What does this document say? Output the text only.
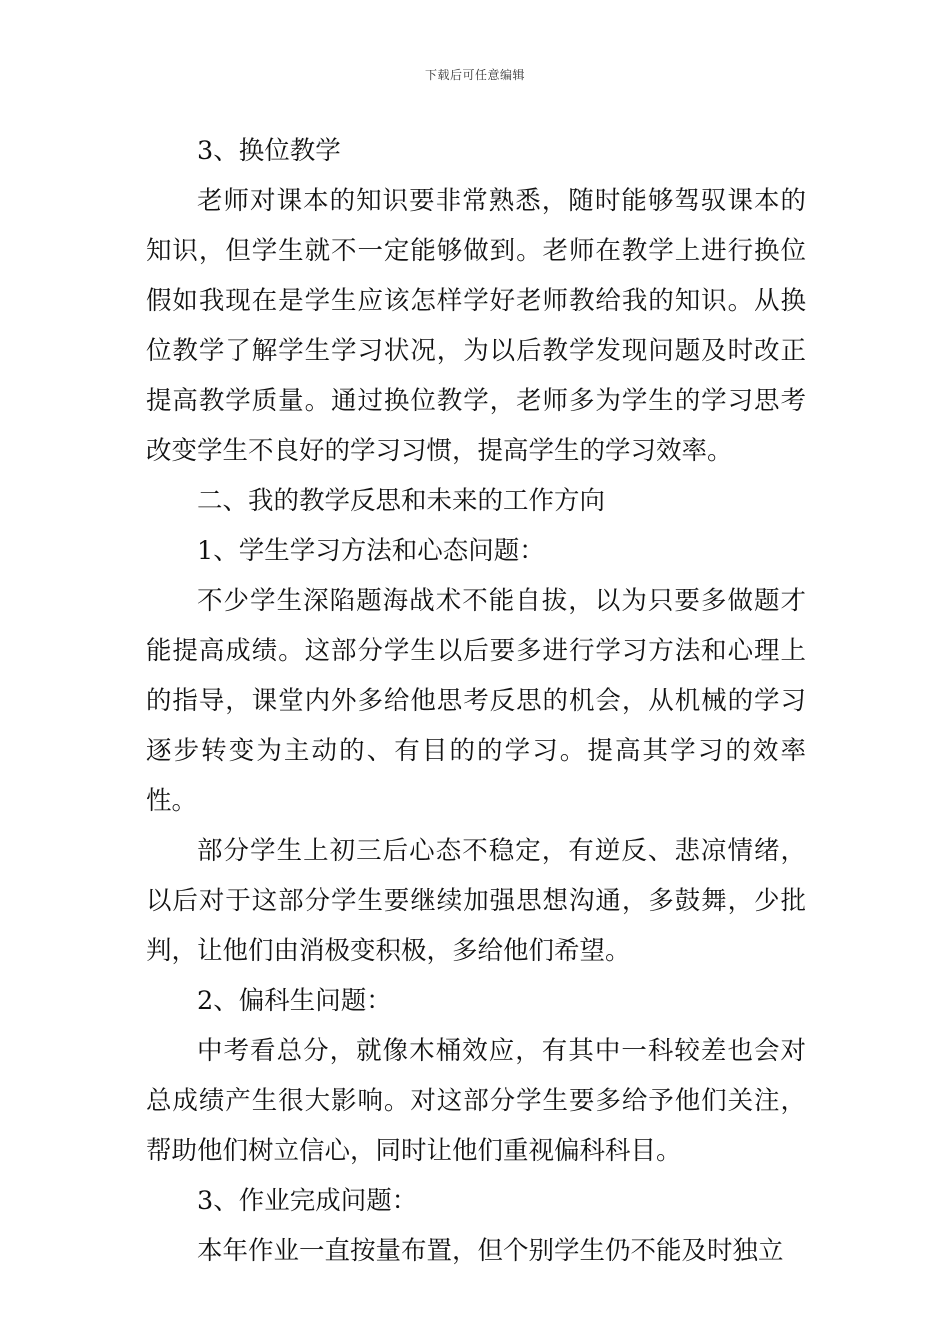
下载后可任意编辑

3、换位教学

老师对课本的知识要非常熟悉，随时能够驾驭课本的知识，但学生就不一定能够做到。老师在教学上进行换位假如我现在是学生应该怎样学好老师教给我的知识。从换位教学了解学生学习状况，为以后教学发现问题及时改正提高教学质量。通过换位教学，老师多为学生的学习思考改变学生不良好的学习习惯，提高学生的学习效率。

二、我的教学反思和未来的工作方向

1、学生学习方法和心态问题：

不少学生深陷题海战术不能自拔，以为只要多做题才能提高成绩。这部分学生以后要多进行学习方法和心理上的指导，课堂内外多给他思考反思的机会，从机械的学习逐步转变为主动的、有目的的学习。提高其学习的效率性。

部分学生上初三后心态不稳定，有逆反、悲凉情绪，以后对于这部分学生要继续加强思想沟通，多鼓舞，少批判，让他们由消极变积极，多给他们希望。

2、偏科生问题：

中考看总分，就像木桶效应，有其中一科较差也会对总成绩产生很大影响。对这部分学生要多给予他们关注，帮助他们树立信心，同时让他们重视偏科科目。

3、作业完成问题：

本年作业一直按量布置，但个别学生仍不能及时独立
